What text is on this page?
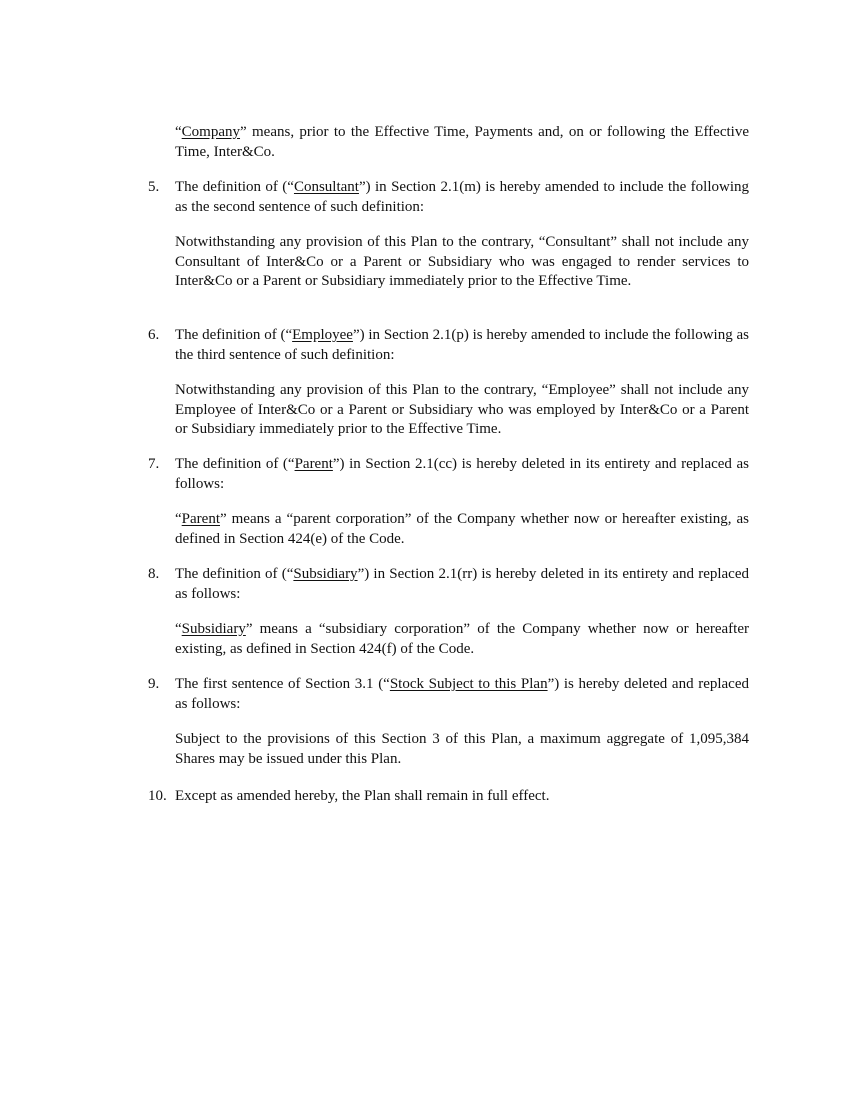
“Company” means, prior to the Effective Time, Payments and, on or following the Effective Time, Inter&Co.
5.	The definition of (“Consultant”) in Section 2.1(m) is hereby amended to include the following as the second sentence of such definition:
Notwithstanding any provision of this Plan to the contrary, “Consultant” shall not include any Consultant of Inter&Co or a Parent or Subsidiary who was engaged to render services to Inter&Co or a Parent or Subsidiary immediately prior to the Effective Time.
6.	The definition of (“Employee”) in Section 2.1(p) is hereby amended to include the following as the third sentence of such definition:
Notwithstanding any provision of this Plan to the contrary, “Employee” shall not include any Employee of Inter&Co or a Parent or Subsidiary who was employed by Inter&Co or a Parent or Subsidiary immediately prior to the Effective Time.
7.	The definition of (“Parent”) in Section 2.1(cc) is hereby deleted in its entirety and replaced as follows:
“Parent” means a “parent corporation” of the Company whether now or hereafter existing, as defined in Section 424(e) of the Code.
8.	The definition of (“Subsidiary”) in Section 2.1(rr) is hereby deleted in its entirety and replaced as follows:
“Subsidiary” means a “subsidiary corporation” of the Company whether now or hereafter existing, as defined in Section 424(f) of the Code.
9.	The first sentence of Section 3.1 (“Stock Subject to this Plan”) is hereby deleted and replaced as follows:
Subject to the provisions of this Section 3 of this Plan, a maximum aggregate of 1,095,384 Shares may be issued under this Plan.
10. Except as amended hereby, the Plan shall remain in full effect.
